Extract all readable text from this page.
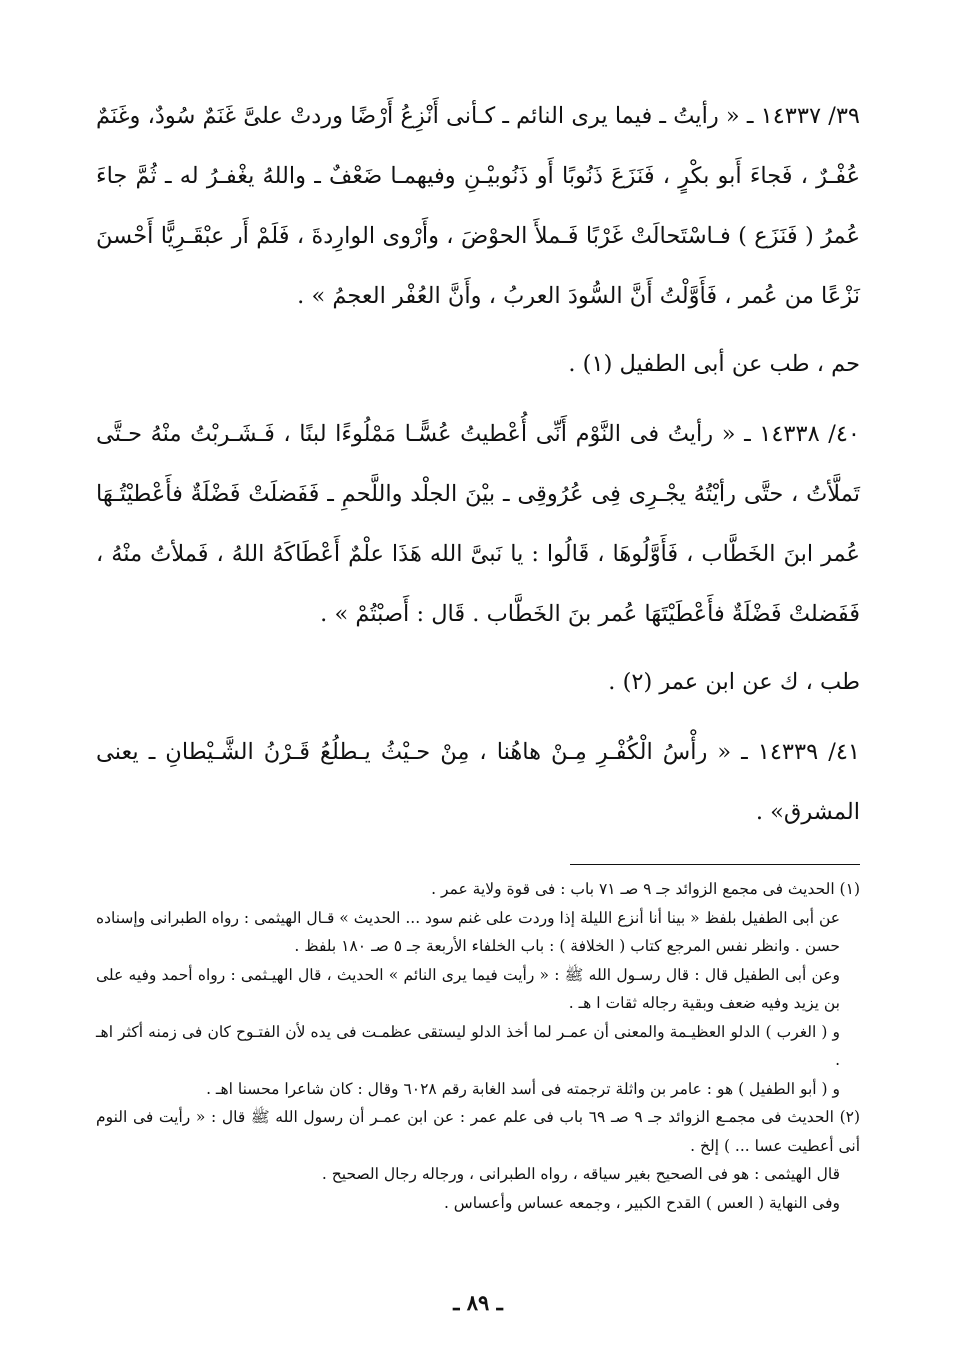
٣٩/ ١٤٣٣٧ ـ « رأيتُ ـ فيما يرى النائم ـ كـأنى أَنْزِعُ أَرْضًا وردتْ علىَّ غَنَمٌ سُودٌ، وغَنَمٌ عُفْـرٌ ، فَجاءَ أَبو بكْرٍ ، فَنَزَعَ ذَنُوبًا أَو ذَنُوبيْـنِ وفيهمـا ضَعْفٌ ـ واللهُ يغْفـرُ له ـ ثُمَّ جاءَ عُمرُ ( فَنَزَع ) فـاسْتَحالَتْ غَرْبًا فَـملأَ الحوْضَ ، وأَرْوى الوارِدةَ ، فَلَمْ أَر عبْقَـرِيًّا أَحْسنَ نَزْعًا من عُمر ، فَأَوَّلْتُ أَنَّ السُّودَ العربُ ، وأَنَّ العُفْر العجمُ » .

حم ، طب عن أبى الطفيل (١) .

٤٠/ ١٤٣٣٨ ـ « رأيتُ فى النَّوْم أَنِّى أُعْطيتُ عُسًّـا مَمْلُوءًا لبنًا ، فَـشَـربْتُ منْهُ حـتَّى تَملَّأتُ ، حتَّى رأيْتُهُ يجْـرِى فِى عُرُوقِى ـ بيْنَ الجلْد واللَّحمِ ـ فَفَضلَتْ فَضْلَةٌ فأَعْطيْتُـهَا عُمر ابنَ الخَطَّاب ، فَأَوَّلُوهَا ، قَالُوا : يا نَبىَّ الله هَذَا علْمٌ أَعْطَاكَهُ اللهُ ، فَملأتُ منْهُ ، فَفَضلتْ فَضْلَةٌ فأَعْطَيْتَهَا عُمر بنَ الخَطَّاب . قَال : أَصبْتُمْ » .

طب ، ك عن ابن عمر (٢) .

٤١/ ١٤٣٣٩ ـ « رأْسُ الْكُفْـرِ مِـنْ هاهُنا ، مِنْ حـيْثُ يـطلُعُ قَـرْنُ الشَّـيْطانِ ـ يعنى المشرق» .

(١) الحديث فى مجمع الزوائد جـ ٩ صـ ٧١ باب : فى قوة ولاية عمر .

عن أبى الطفيل بلفظ « بينا أنا أنزع الليلة إذا وردت على غنم سود ... الحديث » قـال الهيثمى : رواه الطبرانى وإسناده حسن . وانظر نفس المرجع كتاب ( الخلافة ) : باب الخلفاء الأربعة جـ ٥ صـ ١٨٠ بلفظ .

وعن أبى الطفيل قال : قال رسـول الله ﷺ : « رأيت فيما يرى النائم » الحديث ، قال الهيـثمى : رواه أحمد وفيه على بن يزيد وفيه ضعف وبقية رجاله ثقات ا هـ .

و ( الغرب ) الدلو العظيـمة والمعنى أن عمـر لما أخذ الدلو ليستقى عظمـت فى يده لأن الفتـوح كان فى زمنه أكثر اهـ .

و ( أبو الطفيل ) هو : عامر بن واثلة ترجمته فى أسد الغابة رقم ٦٠٢٨ وقال : كان شاعرا محسنا اهـ .

(٢) الحديث فى مجمـع الزوائد جـ ٩ صـ ٦٩ باب فى علم عمر : عن ابن عمـر أن رسول الله ﷺ قال : « رأيت فى النوم أنى أعطيت عسا ... ) إلخ .

قال الهيثمى : هو فى الصحيح بغير سياقه ، رواه الطبرانى ، ورجاله رجال الصحيح .

وفى النهاية ( العس ) القدح الكبير ، وجمعه عساس وأعساس .

ـ ٨٩ ـ
